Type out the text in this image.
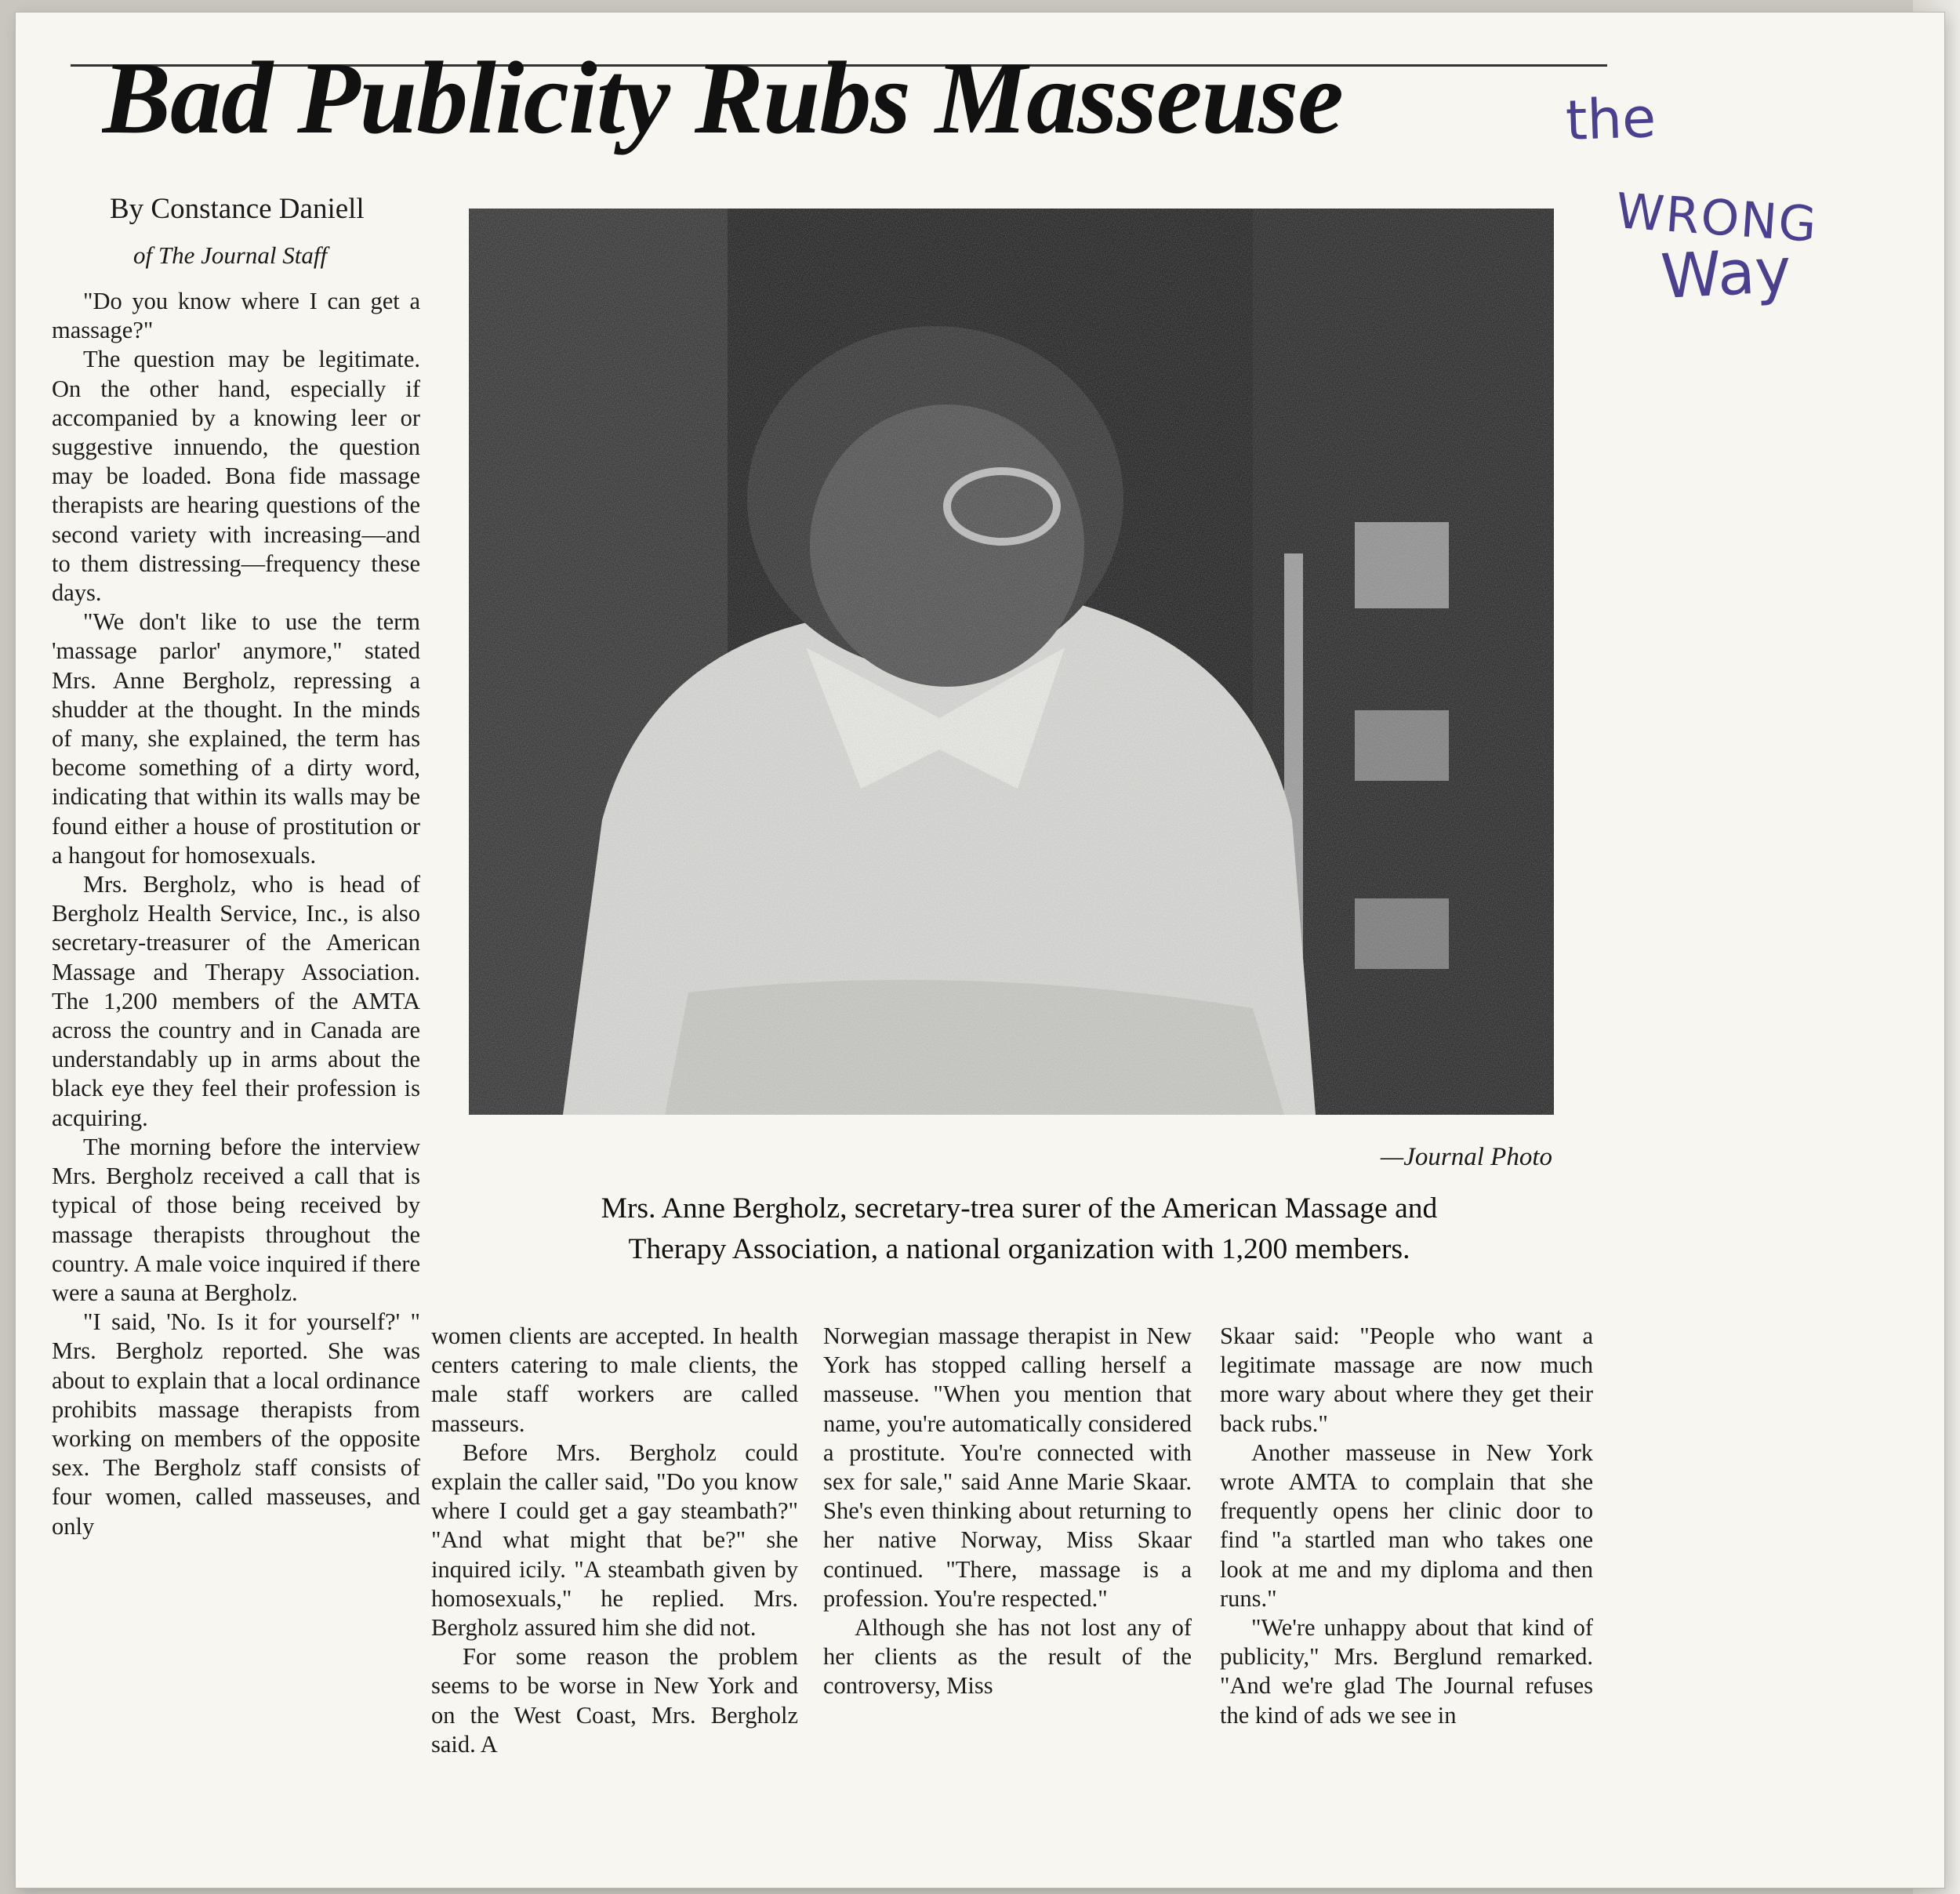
Bad Publicity Rubs Masseuse	the
WRONG
Way
By Constance Daniell
of The Journal Staff

"Do you know where I can get a massage?"

The question may be legitimate. On the other hand, especially if accompanied by a knowing leer or suggestive innuendo, the question may be loaded. Bona fide massage therapists are hearing questions of the second variety with increasing—and to them distressing—frequency these days.

"We don't like to use the term 'massage parlor' anymore," stated Mrs. Anne Bergholz, repressing a shudder at the thought. In the minds of many, she explained, the term has become something of a dirty word, indicating that within its walls may be found either a house of prostitution or a hangout for homosexuals.

Mrs. Bergholz, who is head of Bergholz Health Service, Inc., is also secretary-treasurer of the American Massage and Therapy Association. The 1,200 members of the AMTA across the country and in Canada are understandably up in arms about the black eye they feel their profession is acquiring.

The morning before the interview Mrs. Bergholz received a call that is typical of those being received by massage therapists throughout the country. A male voice inquired if there were a sauna at Bergholz.

"I said, 'No. Is it for yourself?' " Mrs. Bergholz reported. She was about to explain that a local ordinance prohibits massage therapists from working on members of the opposite sex. The Bergholz staff consists of four women, called masseuses, and only

—Journal Photo
Mrs. Anne Bergholz, secretary-trea surer of the American Massage and
Therapy Association, a national organization with 1,200 members.

women clients are accepted. In health centers catering to male clients, the male staff workers are called masseurs.

Before Mrs. Bergholz could explain the caller said, "Do you know where I could get a gay steambath?" "And what might that be?" she inquired icily. "A steambath given by homosexuals," he replied. Mrs. Bergholz assured him she did not.

For some reason the problem seems to be worse in New York and on the West Coast, Mrs. Bergholz said. A

Norwegian massage therapist in New York has stopped calling herself a masseuse. "When you mention that name, you're automatically considered a prostitute. You're connected with sex for sale," said Anne Marie Skaar. She's even thinking about returning to her native Norway, Miss Skaar continued. "There, massage is a profession. You're respected."

Although she has not lost any of her clients as the result of the controversy, Miss

Skaar said: "People who want a legitimate massage are now much more wary about where they get their back rubs."

Another masseuse in New York wrote AMTA to complain that she frequently opens her clinic door to find "a startled man who takes one look at me and my diploma and then runs."

"We're unhappy about that kind of publicity," Mrs. Berglund remarked. "And we're glad The Journal refuses the kind of ads we see in
